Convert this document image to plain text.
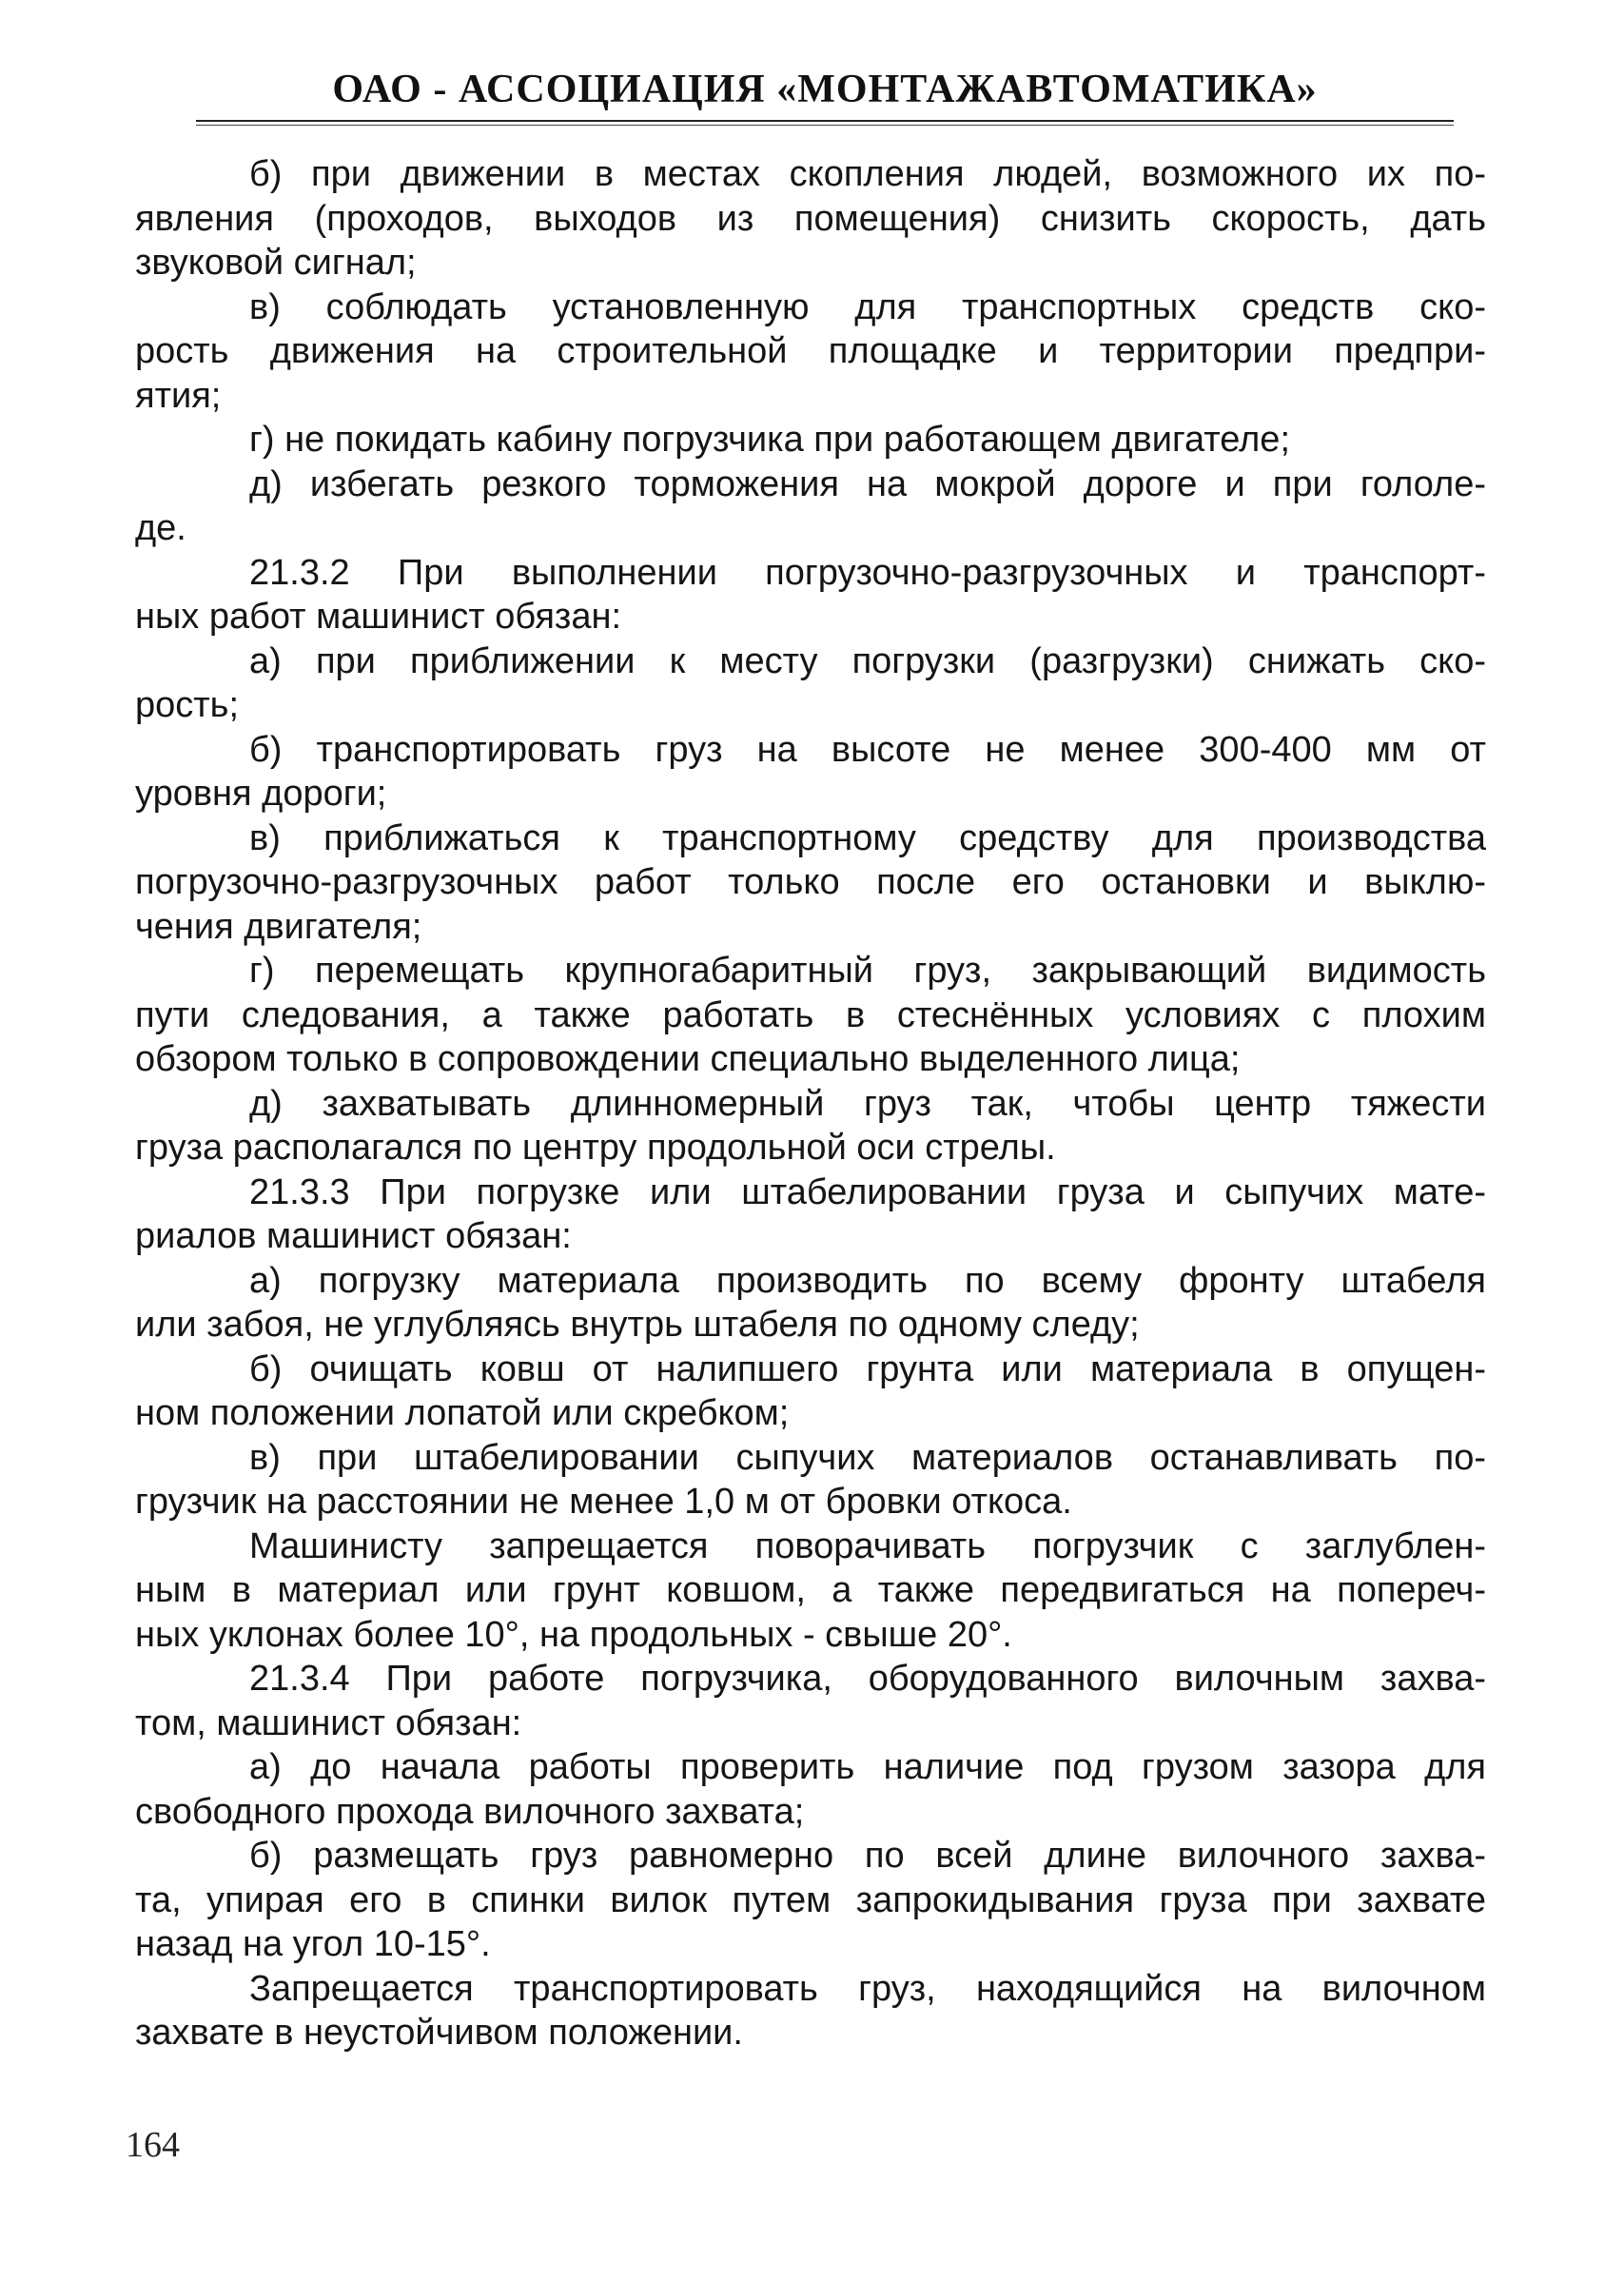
ОАО - АССОЦИАЦИЯ «МОНТАЖАВТОМАТИКА»
б) при движении в местах скопления людей, возможного их по-
явления (проходов, выходов из помещения) снизить скорость, дать
звуковой сигнал;
в) соблюдать установленную для транспортных средств ско-
рость движения на строительной площадке и территории предпри-
ятия;
г) не покидать кабину погрузчика при работающем двигателе;
д) избегать резкого торможения на мокрой дороге и при гололе-
де.
21.3.2 При выполнении погрузочно-разгрузочных и транспорт-
ных работ машинист обязан:
а) при приближении к месту погрузки (разгрузки) снижать ско-
рость;
б) транспортировать груз на высоте не менее 300-400 мм от
уровня дороги;
в) приближаться к транспортному средству для производства
погрузочно-разгрузочных работ только после его остановки и выклю-
чения двигателя;
г) перемещать крупногабаритный груз, закрывающий видимость
пути следования, а также работать в стеснённых условиях с плохим
обзором только в сопровождении специально выделенного лица;
д) захватывать длинномерный груз так, чтобы центр тяжести
груза располагался по центру продольной оси стрелы.
21.3.3 При погрузке или штабелировании груза и сыпучих мате-
риалов машинист обязан:
а) погрузку материала производить по всему фронту штабеля
или забоя, не углубляясь внутрь штабеля по одному следу;
б) очищать ковш от налипшего грунта или материала в опущен-
ном положении лопатой или скребком;
в) при штабелировании сыпучих материалов останавливать по-
грузчик на расстоянии не менее 1,0 м от бровки откоса.
Машинисту запрещается поворачивать погрузчик с заглублен-
ным в материал или грунт ковшом, а также передвигаться на попереч-
ных уклонах более 10°, на продольных - свыше 20°.
21.3.4 При работе погрузчика, оборудованного вилочным захва-
том, машинист обязан:
а) до начала работы проверить наличие под грузом зазора для
свободного прохода вилочного захвата;
б) размещать груз равномерно по всей длине вилочного захва-
та, упирая его в спинки вилок путем запрокидывания груза при захвате
назад на угол 10-15°.
Запрещается транспортировать груз, находящийся на вилочном
захвате в неустойчивом положении.
164
